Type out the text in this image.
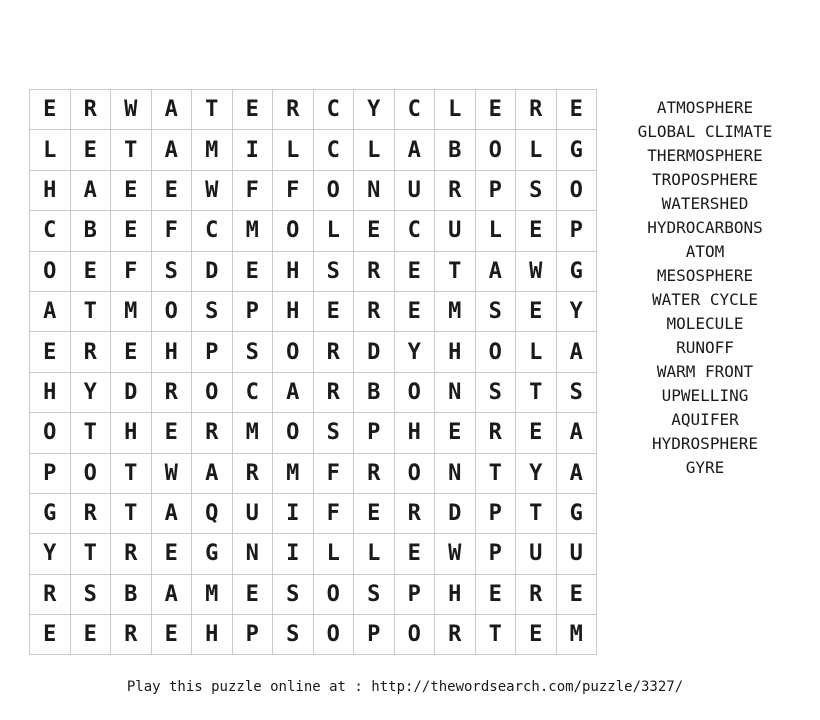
E	R	W	A	T	E	R	C	Y	C	L	E	R	E
L	E	T	A	M	I	L	C	L	A	B	O	L	G
H	A	E	E	W	F	F	O	N	U	R	P	S	O
C	B	E	F	C	M	O	L	E	C	U	L	E	P
O	E	F	S	D	E	H	S	R	E	T	A	W	G
A	T	M	O	S	P	H	E	R	E	M	S	E	Y
E	R	E	H	P	S	O	R	D	Y	H	O	L	A
H	Y	D	R	O	C	A	R	B	O	N	S	T	S
O	T	H	E	R	M	O	S	P	H	E	R	E	A
P	O	T	W	A	R	M	F	R	O	N	T	Y	A
G	R	T	A	Q	U	I	F	E	R	D	P	T	G
Y	T	R	E	G	N	I	L	L	E	W	P	U	U
R	S	B	A	M	E	S	O	S	P	H	E	R	E
E	E	R	E	H	P	S	O	P	O	R	T	E	M
ATMOSPHERE
GLOBAL CLIMATE
THERMOSPHERE
TROPOSPHERE
WATERSHED
HYDROCARBONS
ATOM
MESOSPHERE
WATER CYCLE
MOLECULE
RUNOFF
WARM FRONT
UPWELLING
AQUIFER
HYDROSPHERE
GYRE
Play this puzzle online at : http://thewordsearch.com/puzzle/3327/
